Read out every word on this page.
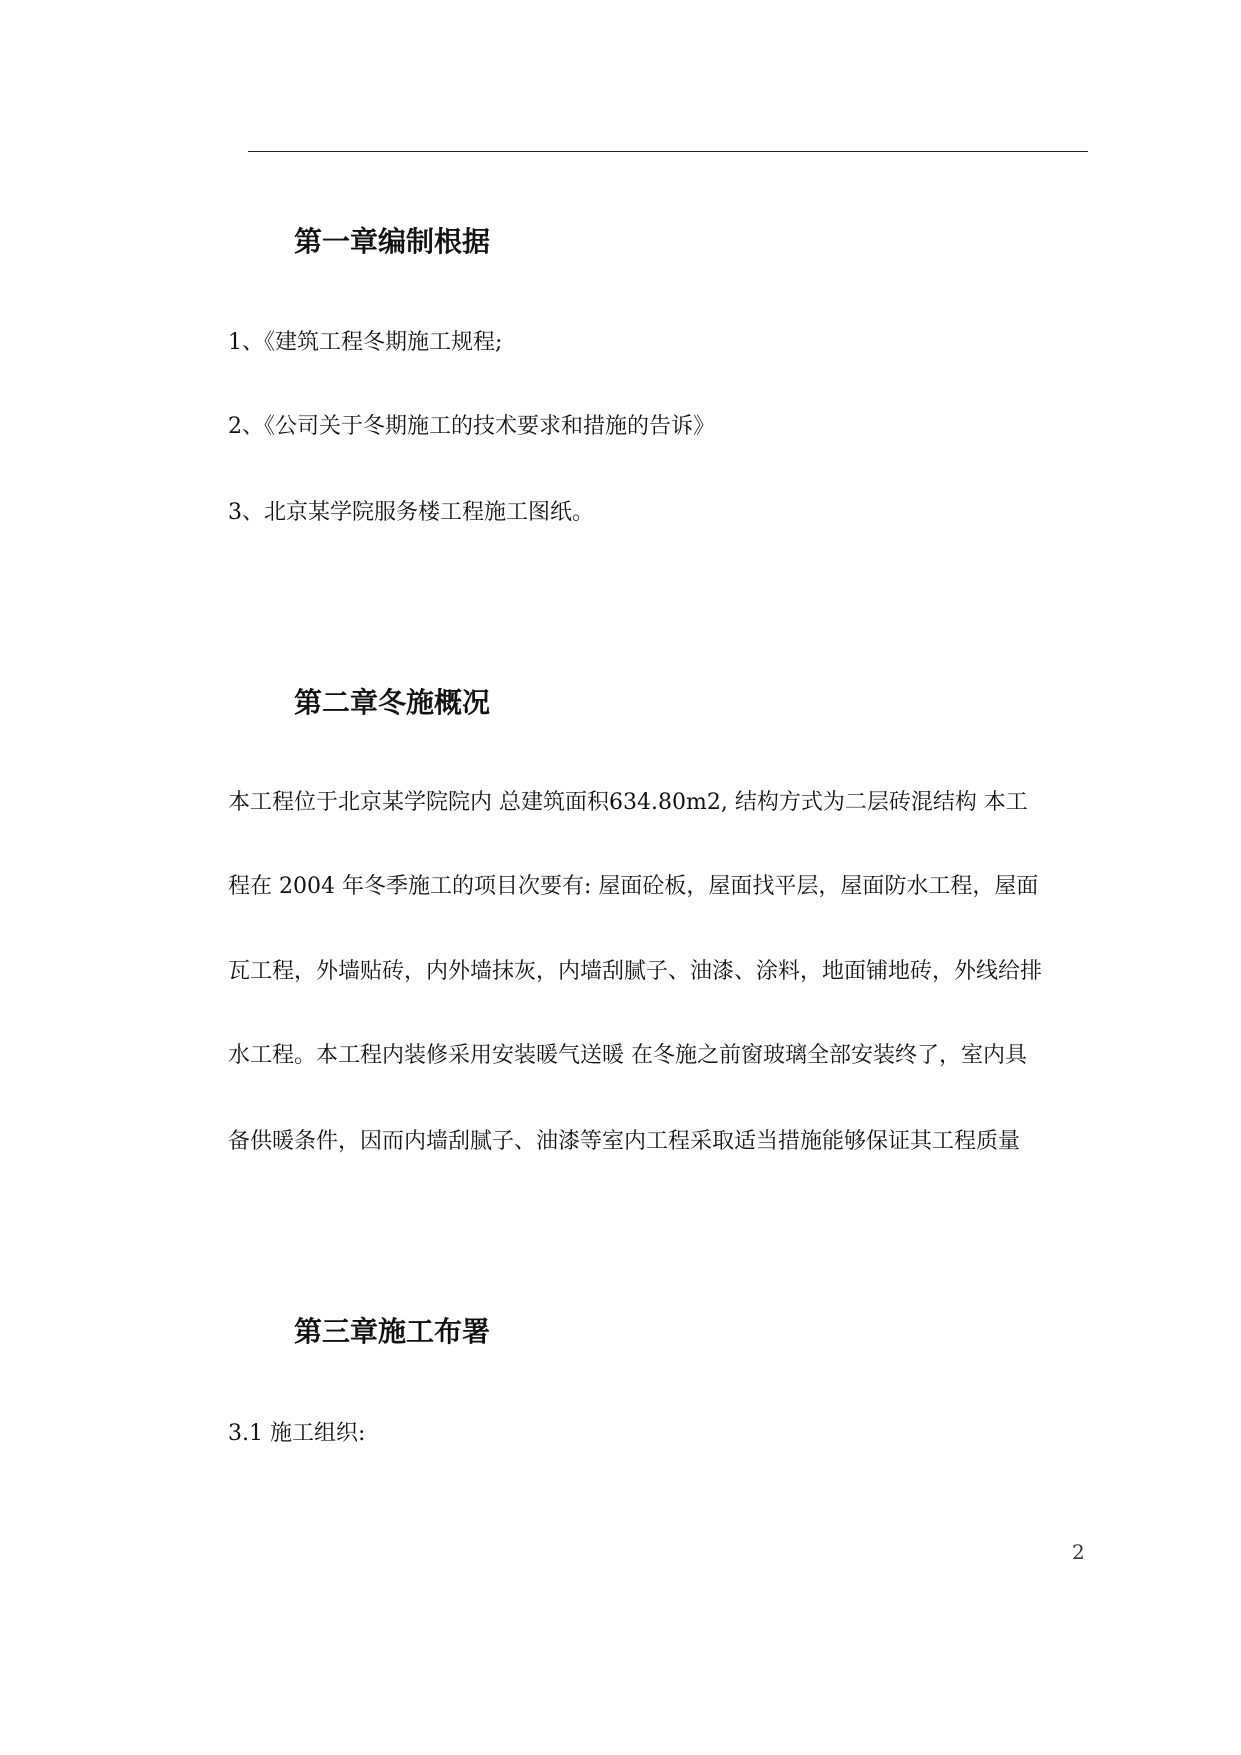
第一章编制根据
1、《建筑工程冬期施工规程;
2、《公司关于冬期施工的技术要求和措施的告诉》
3、北京某学院服务楼工程施工图纸。
第二章冬施概况
本工程位于北京某学院院内 总建筑面积634.80m2, 结构方式为二层砖混结构 本工
程在 2004 年冬季施工的项目次要有: 屋面砼板，屋面找平层，屋面防水工程，屋面
瓦工程，外墙贴砖，内外墙抹灰，内墙刮腻子、油漆、涂料，地面铺地砖，外线给排
水工程。本工程内装修采用安装暖气送暖 在冬施之前窗玻璃全部安装终了，室内具
备供暖条件，因而内墙刮腻子、油漆等室内工程采取适当措施能够保证其工程质量
第三章施工布署
3.1 施工组织:
2
